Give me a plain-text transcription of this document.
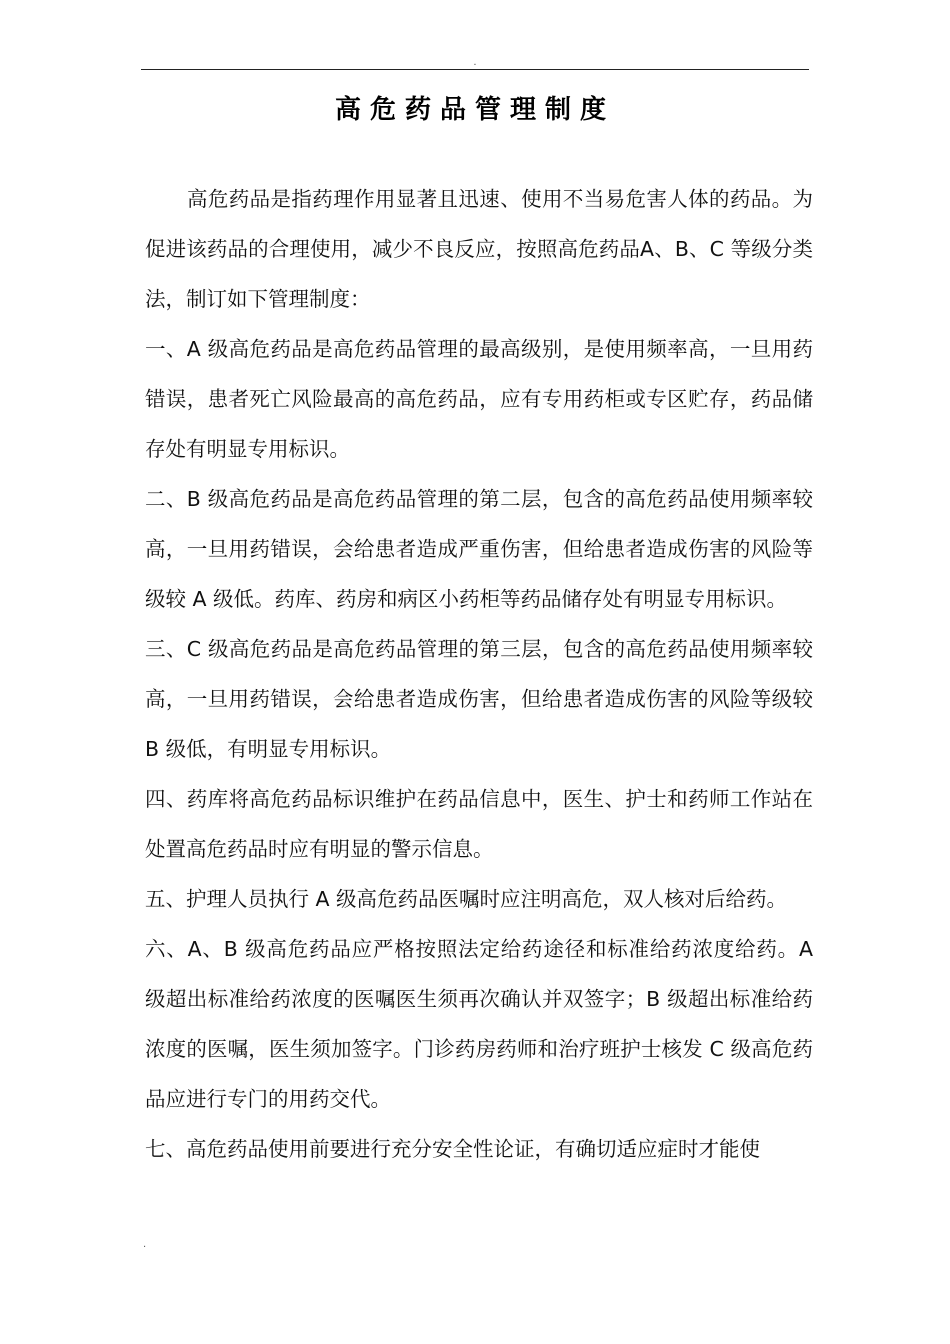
.
高危药品管理制度

高危药品是指药理作用显著且迅速、使用不当易危害人体的药品。为促进该药品的合理使用，减少不良反应，按照高危药品A、B、C 等级分类法，制订如下管理制度：

一、A 级高危药品是高危药品管理的最高级别，是使用频率高，一旦用药错误，患者死亡风险最高的高危药品，应有专用药柜或专区贮存，药品储存处有明显专用标识。

二、B 级高危药品是高危药品管理的第二层，包含的高危药品使用频率较高，一旦用药错误，会给患者造成严重伤害，但给患者造成伤害的风险等级较 A 级低。药库、药房和病区小药柜等药品储存处有明显专用标识。

三、C 级高危药品是高危药品管理的第三层，包含的高危药品使用频率较高，一旦用药错误，会给患者造成伤害，但给患者造成伤害的风险等级较 B 级低，有明显专用标识。

四、药库将高危药品标识维护在药品信息中，医生、护士和药师工作站在处置高危药品时应有明显的警示信息。

五、护理人员执行 A 级高危药品医嘱时应注明高危，双人核对后给药。

六、A、B 级高危药品应严格按照法定给药途径和标准给药浓度给药。A 级超出标准给药浓度的医嘱医生须再次确认并双签字；B 级超出标准给药浓度的医嘱，医生须加签字。门诊药房药师和治疗班护士核发 C 级高危药品应进行专门的用药交代。

七、高危药品使用前要进行充分安全性论证，有确切适应症时才能使

.
